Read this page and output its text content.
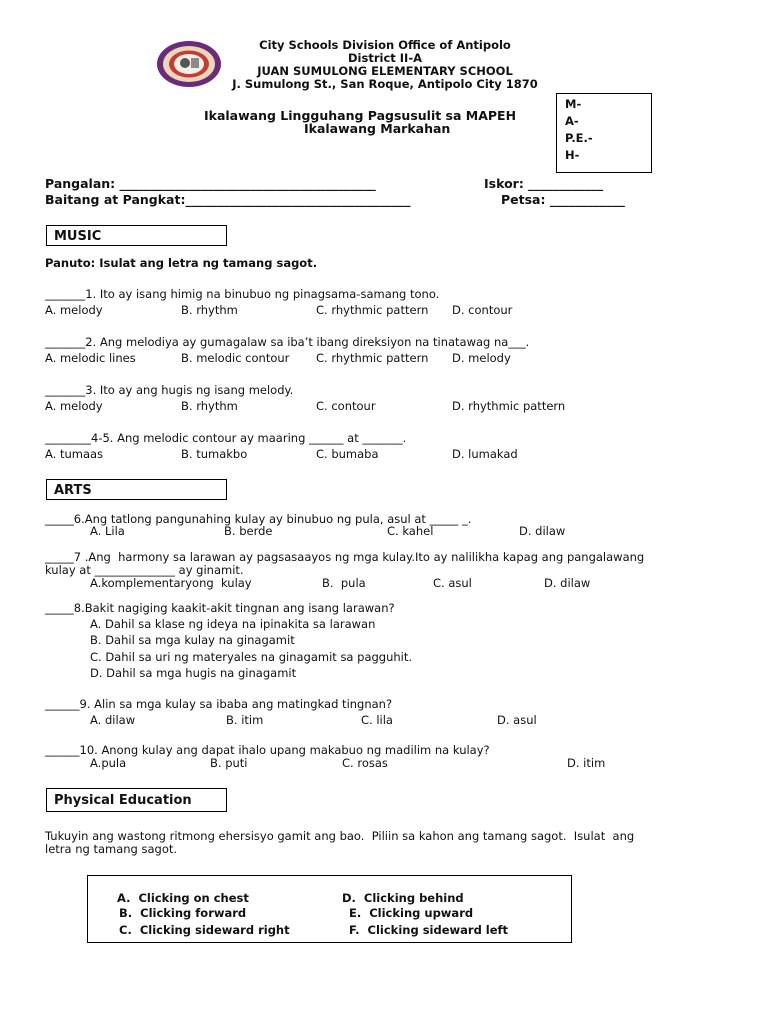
City Schools Division Office of Antipolo
District II-A
JUAN SUMULONG ELEMENTARY SCHOOL
J. Sumulong St., San Roque, Antipolo City 1870
Ikalawang Lingguhang Pagsusulit sa MAPEH
Ikalawang Markahan
M-
A-
P.E.-
H-
Pangalan: _________________________________________	Iskor: ____________
Baitang at Pangkat:____________________________________	Petsa: ____________
MUSIC
Panuto: Isulat ang letra ng tamang sagot.
_______1. Ito ay isang himig na binubuo ng pinagsama-samang tono.
A. melody	B. rhythm	C. rhythmic pattern D. contour
_______2. Ang melodiya ay gumagalaw sa iba’t ibang direksiyon na tinatawag na___.
A. melodic lines	B. melodic contour C. rhythmic pattern D. melody
_______3. Ito ay ang hugis ng isang melody.
A. melody	B. rhythm	C. contour	D. rhythmic pattern
________4-5. Ang melodic contour ay maaring ______ at _______.
A. tumaas	B. tumakbo	C. bumaba	D. lumakad
ARTS
_____6.Ang tatlong pangunahing kulay ay binubuo ng pula, asul at _____ _.
A. Lila	B. berde	C. kahel	D. dilaw
_____7 .Ang  harmony sa larawan ay pagsasaayos ng mga kulay.Ito ay nalilikha kapag ang pangalawang
kulay at ______________ ay ginamit.
A.komplementaryong  kulay	B.  pula	C. asul	D. dilaw
_____8.Bakit nagiging kaakit-akit tingnan ang isang larawan?
A. Dahil sa klase ng ideya na ipinakita sa larawan
B. Dahil sa mga kulay na ginagamit
C. Dahil sa uri ng materyales na ginagamit sa pagguhit.
D. Dahil sa mga hugis na ginagamit
______9. Alin sa mga kulay sa ibaba ang matingkad tingnan?
A. dilaw	B. itim	C. lila	D. asul
______10. Anong kulay ang dapat ihalo upang makabuo ng madilim na kulay?
A.pula	B. puti	C. rosas	D. itim
Physical Education
Tukuyin ang wastong ritmong ehersisyo gamit ang bao.  Piliin sa kahon ang tamang sagot.  Isulat  ang
letra ng tamang sagot.
A.  Clicking on chest
B.  Clicking forward
C.  Clicking sideward right
D.  Clicking behind
E.  Clicking upward
F.  Clicking sideward left
